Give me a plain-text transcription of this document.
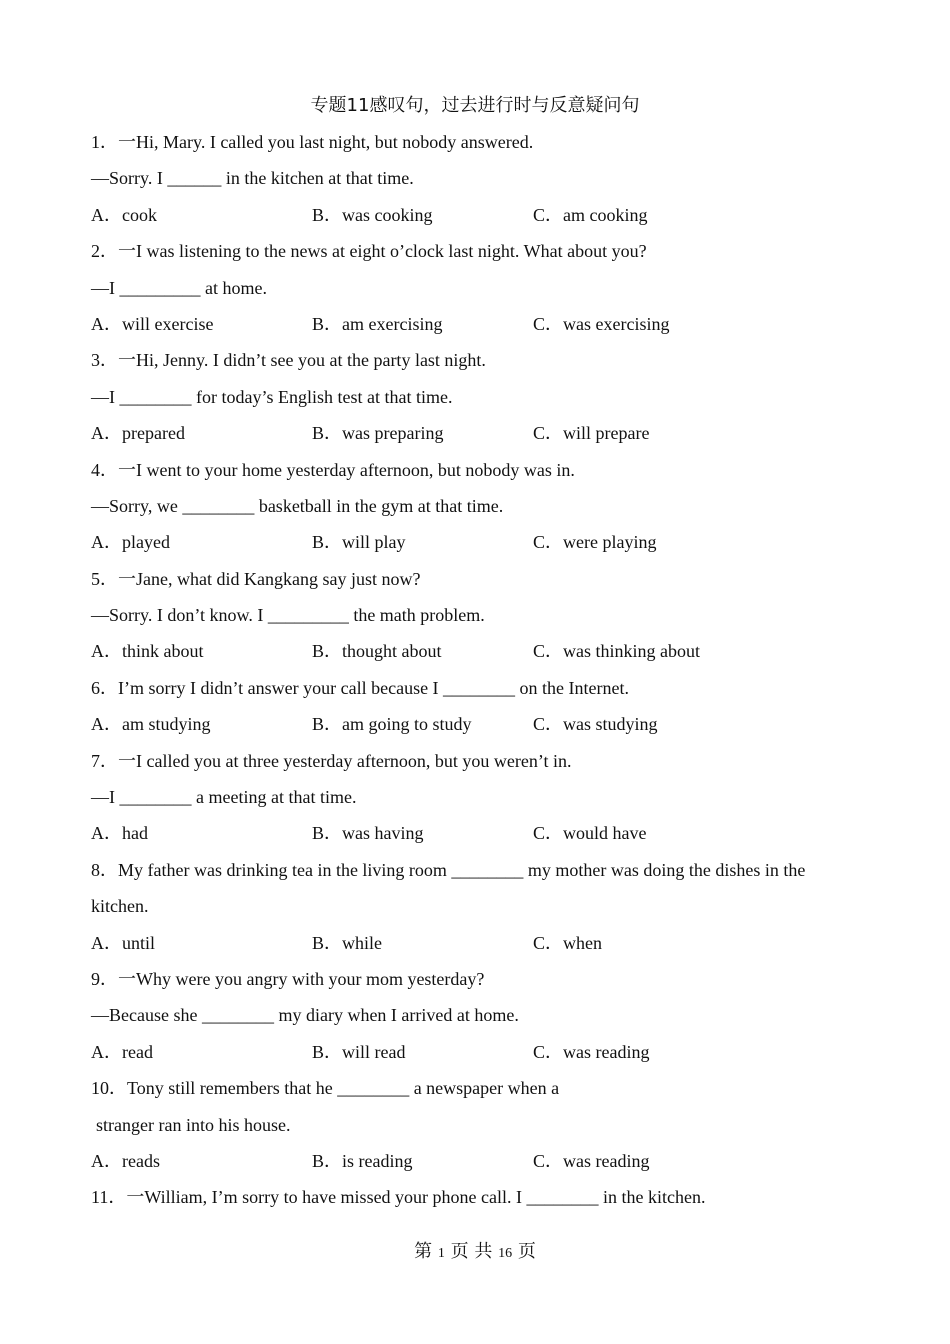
专题11感叹句，过去进行时与反意疑问句
1．一Hi, Mary. I called you last night, but nobody answered.
—Sorry. I ______ in the kitchen at that time.
A．cook	B．was cooking	C．am cooking
2．一I was listening to the news at eight o’clock last night. What about you?
—I _________ at home.
A．will exercise	B．am exercising	C．was exercising
3．一Hi, Jenny. I didn’t see you at the party last night.
—I ________ for today’s English test at that time.
A．prepared	B．was preparing	C．will prepare
4．一I went to your home yesterday afternoon, but nobody was in.
—Sorry, we ________ basketball in the gym at that time.
A．played	B．will play	C．were playing
5．一Jane, what did Kangkang say just now?
—Sorry. I don’t know. I _________ the math problem.
A．think about	B．thought about	C．was thinking about
6．I’m sorry I didn’t answer your call because I ________ on the Internet.
A．am studying	B．am going to study	C．was studying
7．一I called you at three yesterday afternoon, but you weren’t in.
—I ________ a meeting at that time.
A．had	B．was having	C．would have
8．My father was drinking tea in the living room ________ my mother was doing the dishes in the
kitchen.
A．until	B．while	C．when
9．一Why were you angry with your mom yesterday?
—Because she ________ my diary when I arrived at home.
A．read	B．will read	C．was reading
10．Tony still remembers that he ________ a newspaper when a
stranger ran into his house.
A．reads	B．is reading	C．was reading
11．一William, I’m sorry to have missed your phone call. I ________ in the kitchen.
第 1 页 共 16 页
